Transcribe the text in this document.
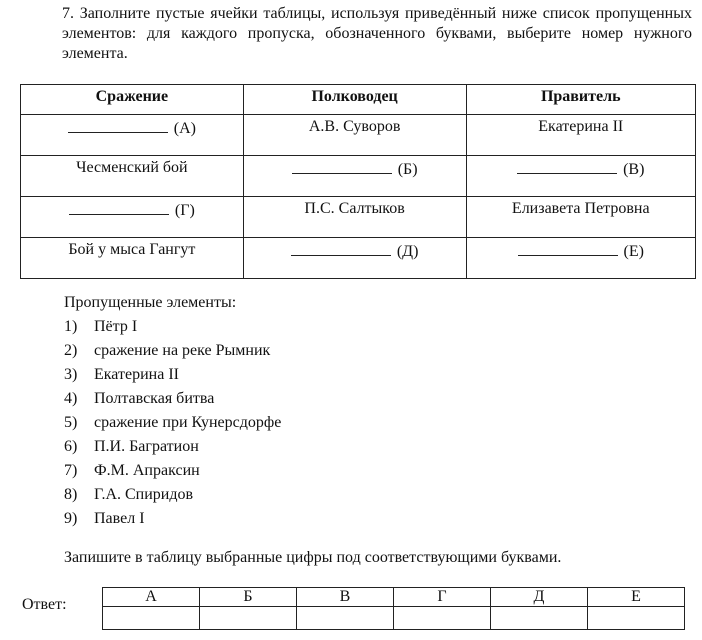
7. Заполните пустые ячейки таблицы, используя приведённый ниже список пропущенных элементов: для каждого пропуска, обозначенного буквами, выберите номер нужного элемента.
Сражение	Полководец	Правитель
(А)	А.В. Суворов	Екатерина II
Чесменский бой	(Б)	(В)
(Г)	П.С. Салтыков	Елизавета Петровна
Бой у мыса Гангут	(Д)	(Е)
Пропущенные элементы:
1) Пётр I
2) сражение на реке Рымник
3) Екатерина II
4) Полтавская битва
5) сражение при Кунерсдорфе
6) П.И. Багратион
7) Ф.М. Апраксин
8) Г.А. Спиридов
9) Павел I
Запишите в таблицу выбранные цифры под соответствующими буквами.
Ответ:	А	Б	В	Г	Д	Е
